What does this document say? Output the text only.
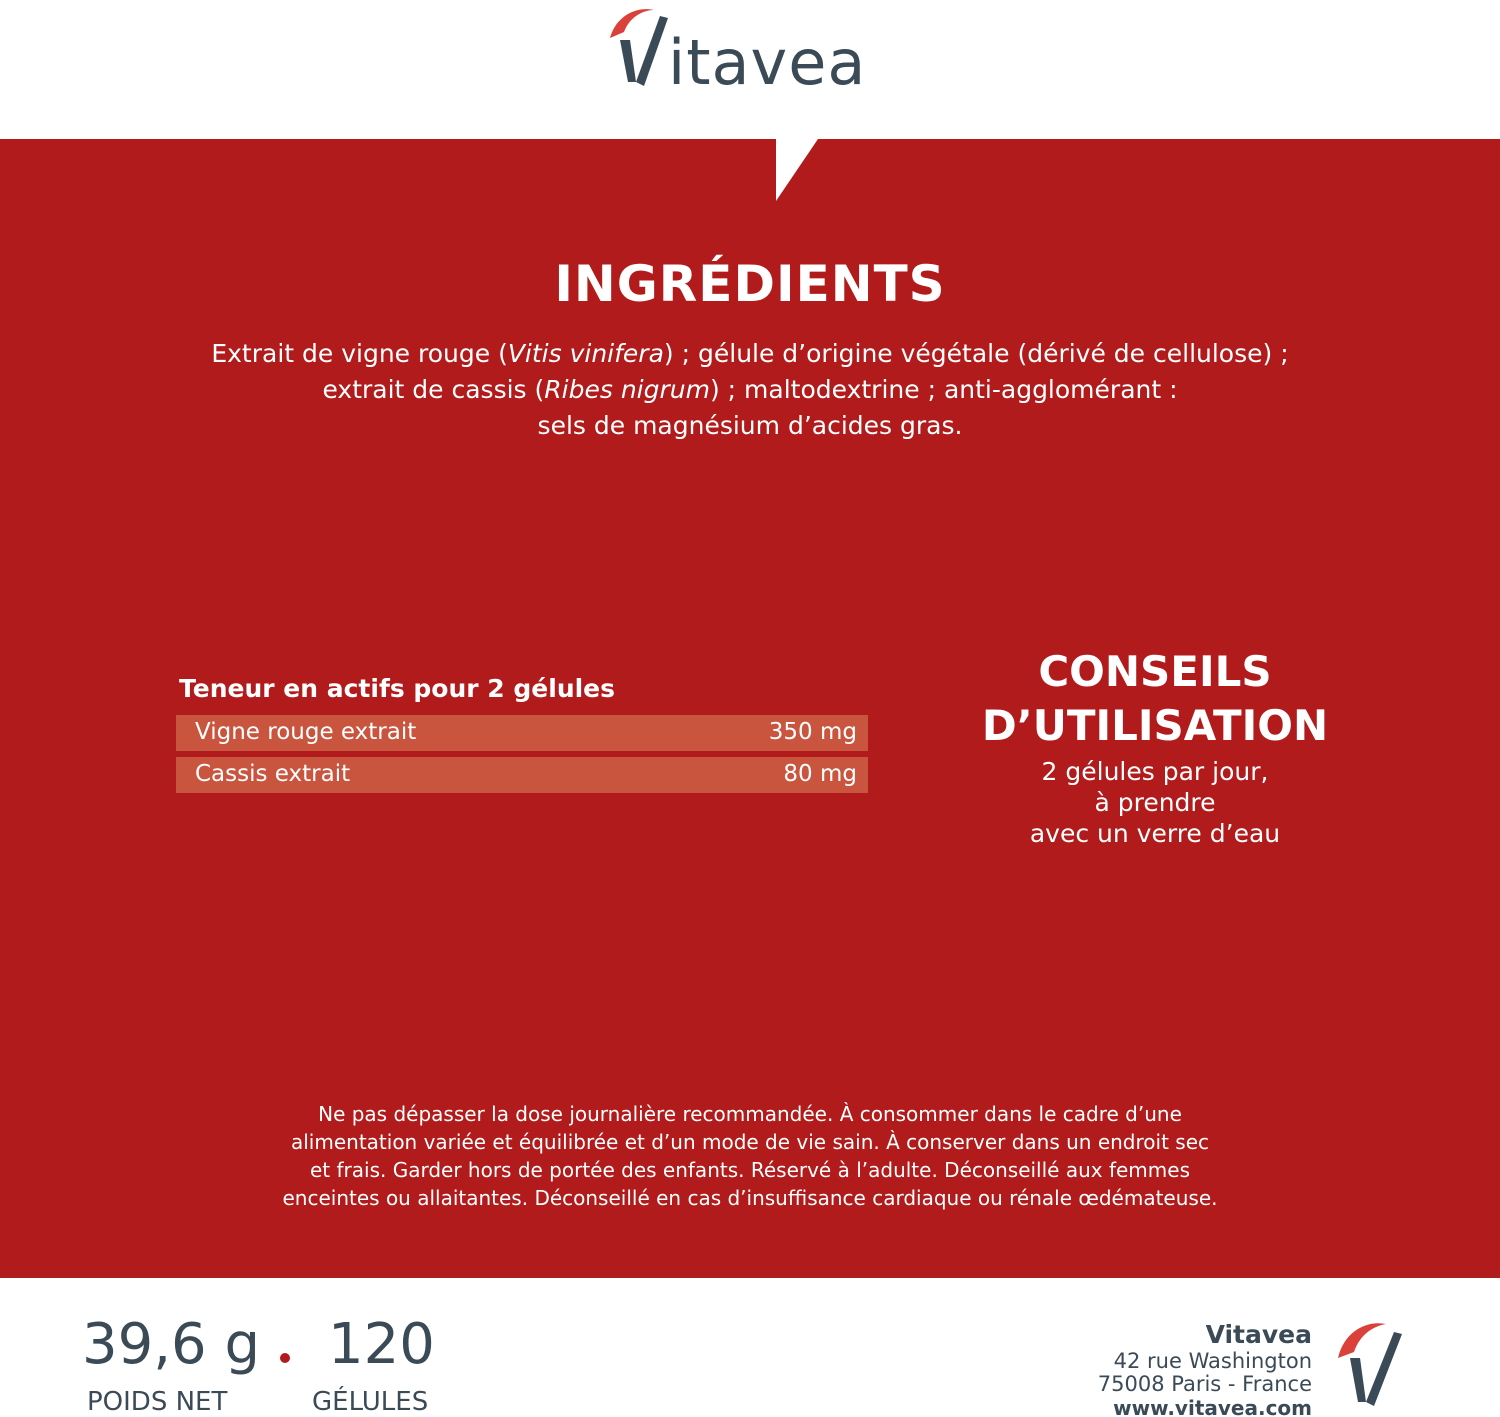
itavea
INGRÉDIENTS
Extrait de vigne rouge (Vitis vinifera) ; gélule d’origine végétale (dérivé de cellulose) ;
extrait de cassis (Ribes nigrum) ; maltodextrine ; anti-agglomérant :
sels de magnésium d’acides gras.
Teneur en actifs pour 2 gélules
Vigne rouge extrait	350 mg
Cassis extrait	80 mg
CONSEILS
D’UTILISATION
2 gélules par jour,
à prendre
avec un verre d’eau
Ne pas dépasser la dose journalière recommandée. À consommer dans le cadre d’une
alimentation variée et équilibrée et d’un mode de vie sain. À conserver dans un endroit sec
et frais. Garder hors de portée des enfants. Réservé à l’adulte. Déconseillé aux femmes
enceintes ou allaitantes. Déconseillé en cas d’insuffisance cardiaque ou rénale œdémateuse.
39,6 g
POIDS NET
120
GÉLULES
Vitavea
42 rue Washington
75008 Paris - France
www.vitavea.com
